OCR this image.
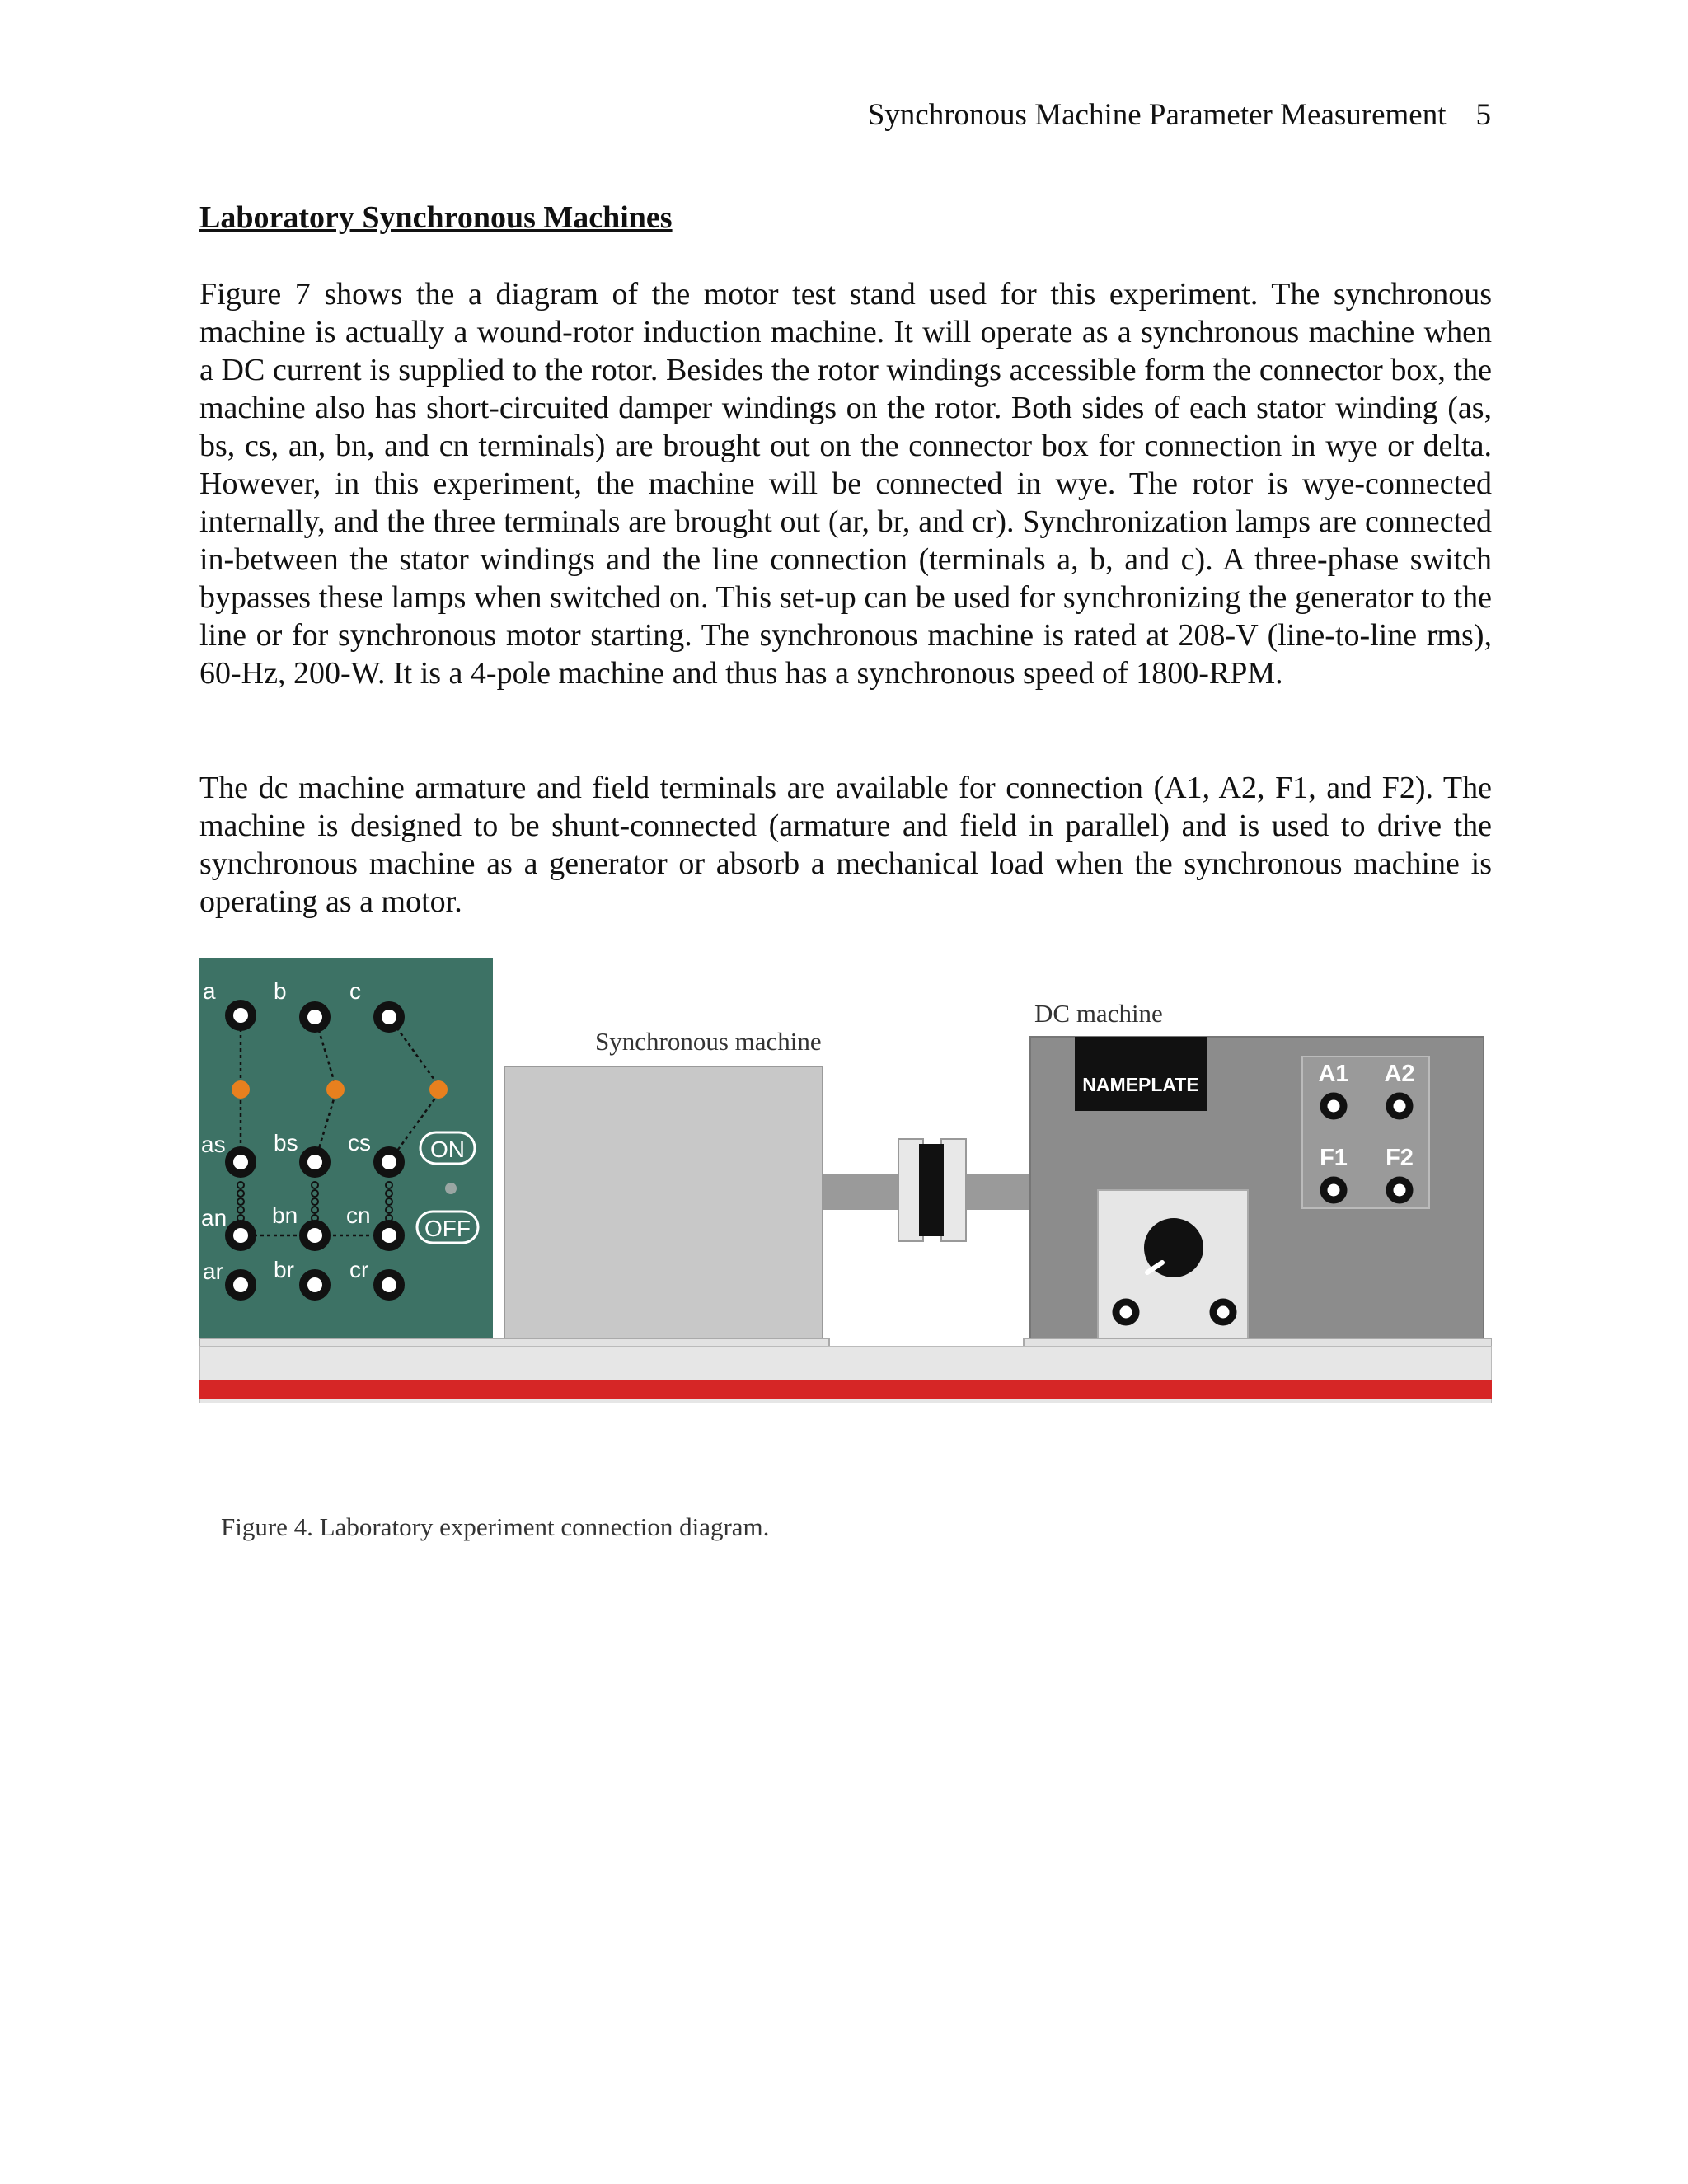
Synchronous Machine Parameter Measurement 5
Laboratory Synchronous Machines

Figure 7 shows the a diagram of the motor test stand used for this experiment. The synchronous machine is actually a wound-rotor induction machine. It will operate as a synchronous machine when a DC current is supplied to the rotor. Besides the rotor windings accessible form the connector box, the machine also has short-circuited damper windings on the rotor. Both sides of each stator winding (as, bs, cs, an, bn, and cn terminals) are brought out on the connector box for connection in wye or delta. However, in this experiment, the machine will be connected in wye. The rotor is wye-connected internally, and the three terminals are brought out (ar, br, and cr). Synchronization lamps are connected in-between the stator windings and the line connection (terminals a, b, and c). A three-phase switch bypasses these lamps when switched on. This set-up can be used for synchronizing the generator to the line or for synchronous motor starting. The synchronous machine is rated at 208-V (line-to-line rms), 60-Hz, 200-W. It is a 4-pole machine and thus has a synchronous speed of 1800-RPM.

The dc machine armature and field terminals are available for connection (A1, A2, F1, and F2). The machine is designed to be shunt-connected (armature and field in parallel) and is used to drive the synchronous machine as a generator or absorb a mechanical load when the synchronous machine is operating as a motor.

a	b	c
as bs cs
an bn cn
ar br cr
ON
OFF
Synchronous machine
DC machine
NAMEPLATE	A1 A2
F1 F2
Figure 4. Laboratory experiment connection diagram.
